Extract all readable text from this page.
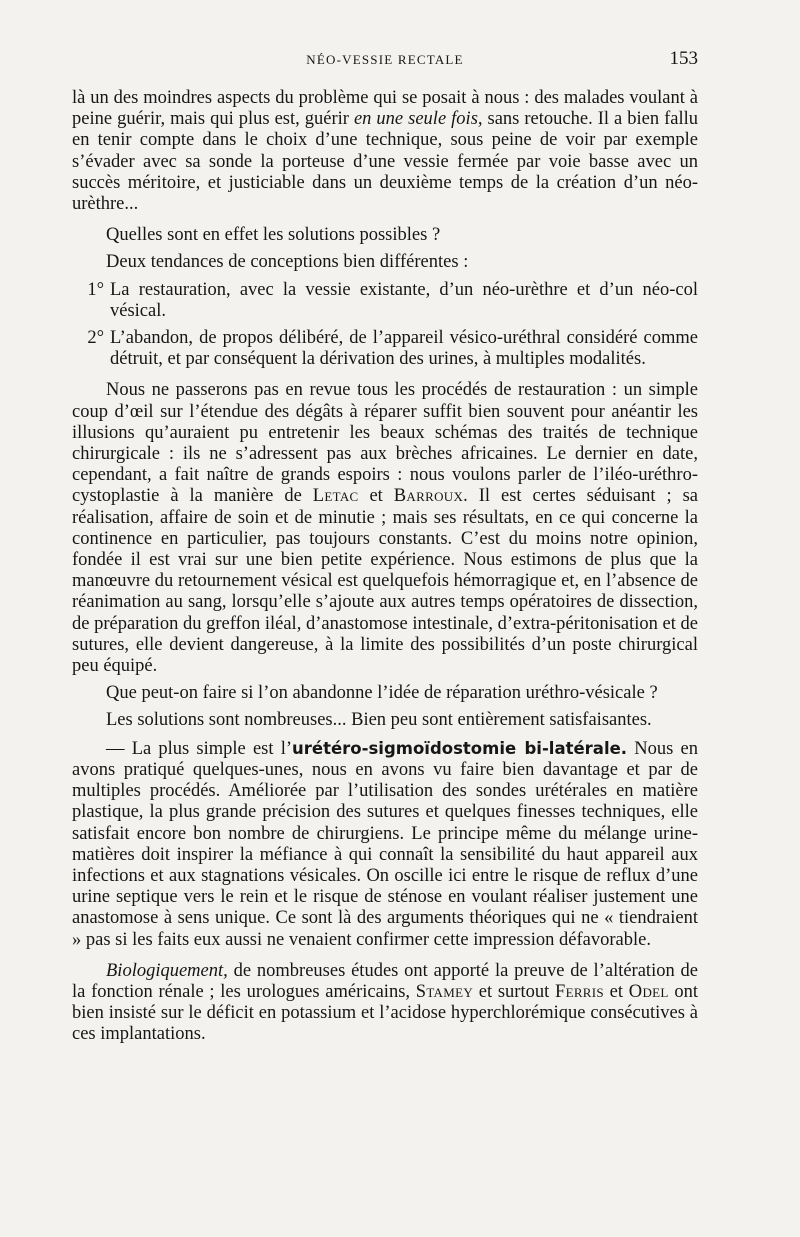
NÉO-VESSIE RECTALE	153

là un des moindres aspects du problème qui se posait à nous : des malades voulant à peine guérir, mais qui plus est, guérir en une seule fois, sans retouche. Il a bien fallu en tenir compte dans le choix d’une technique, sous peine de voir par exemple s’évader avec sa sonde la porteuse d’une vessie fermée par voie basse avec un succès méritoire, et justiciable dans un deuxième temps de la création d’un néo-urèthre...

Quelles sont en effet les solutions possibles ?

Deux tendances de conceptions bien différentes :

1° La restauration, avec la vessie existante, d’un néo-urèthre et d’un néo-col vésical.
2° L’abandon, de propos délibéré, de l’appareil vésico-uréthral considéré comme détruit, et par conséquent la dérivation des urines, à multiples modalités.

Nous ne passerons pas en revue tous les procédés de restauration : un simple coup d’œil sur l’étendue des dégâts à réparer suffit bien souvent pour anéantir les illusions qu’auraient pu entretenir les beaux schémas des traités de technique chirurgicale : ils ne s’adressent pas aux brèches africaines. Le dernier en date, cependant, a fait naître de grands espoirs : nous voulons parler de l’iléo-uréthro-cystoplastie à la manière de Letac et Barroux. Il est certes séduisant ; sa réalisation, affaire de soin et de minutie ; mais ses résultats, en ce qui concerne la continence en particulier, pas toujours constants. C’est du moins notre opinion, fondée il est vrai sur une bien petite expérience. Nous estimons de plus que la manœuvre du retournement vésical est quelquefois hémorragique et, en l’absence de réanimation au sang, lorsqu’elle s’ajoute aux autres temps opératoires de dissection, de préparation du greffon iléal, d’anastomose intestinale, d’extra-péritonisation et de sutures, elle devient dangereuse, à la limite des possibilités d’un poste chirurgical peu équipé.

Que peut-on faire si l’on abandonne l’idée de réparation uréthro-vésicale ?

Les solutions sont nombreuses... Bien peu sont entièrement satisfaisantes.

— La plus simple est l’urétéro-sigmoïdostomie bi-latérale. Nous en avons pratiqué quelques-unes, nous en avons vu faire bien davantage et par de multiples procédés. Améliorée par l’utilisation des sondes urétérales en matière plastique, la plus grande précision des sutures et quelques finesses techniques, elle satisfait encore bon nombre de chirurgiens. Le principe même du mélange urine-matières doit inspirer la méfiance à qui connaît la sensibilité du haut appareil aux infections et aux stagnations vésicales. On oscille ici entre le risque de reflux d’une urine septique vers le rein et le risque de sténose en voulant réaliser justement une anastomose à sens unique. Ce sont là des arguments théoriques qui ne « tiendraient » pas si les faits eux aussi ne venaient confirmer cette impression défavorable.

Biologiquement, de nombreuses études ont apporté la preuve de l’altération de la fonction rénale ; les urologues américains, Stamey et surtout Ferris et Odel ont bien insisté sur le déficit en potassium et l’acidose hyperchlorémique consécutives à ces implantations.
